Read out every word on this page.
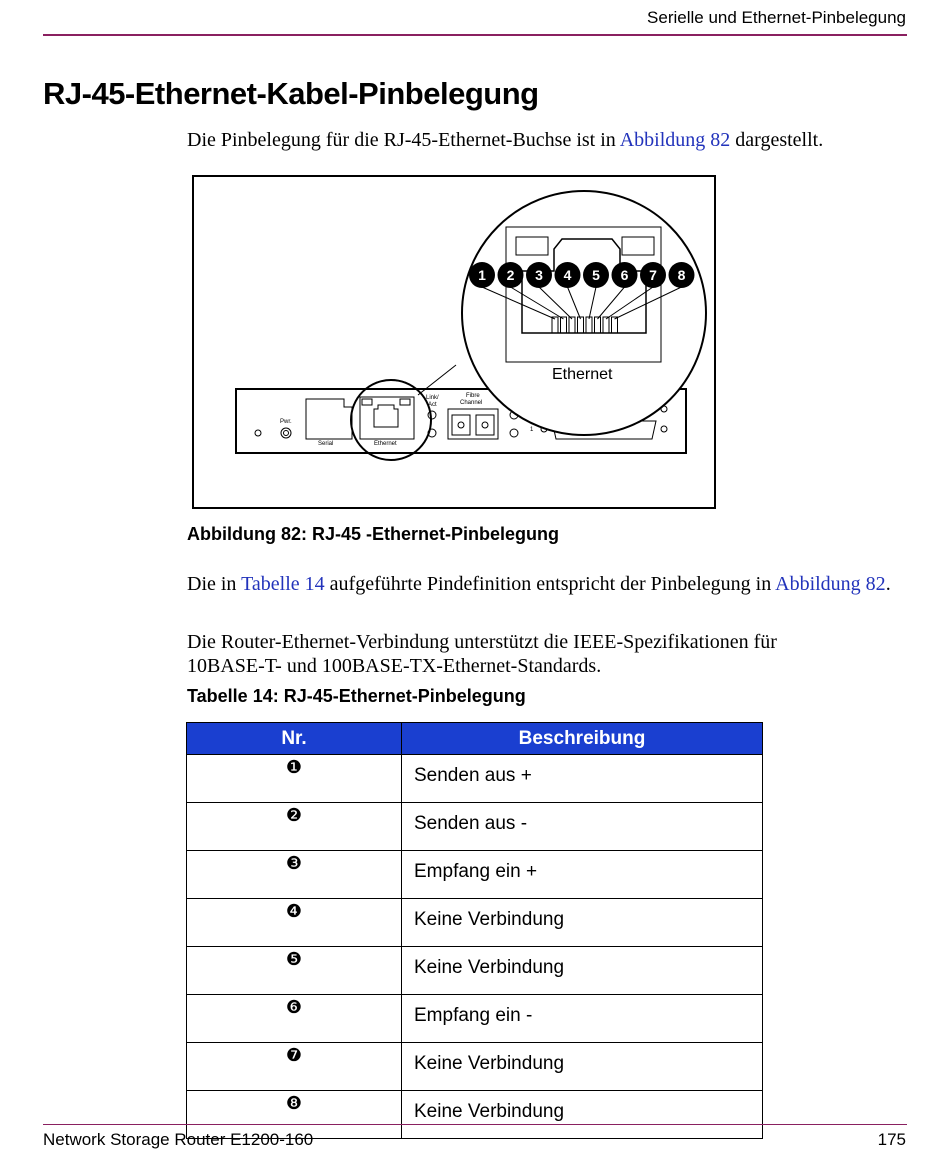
Serielle und Ethernet-Pinbelegung
RJ-45-Ethernet-Kabel-Pinbelegung
Die Pinbelegung für die RJ-45-Ethernet-Buchse ist in Abbildung 82 dargestellt.
Pwr.
Serial	Ethernet
Link/
Act
Fibre
Channel
1
1 2 3 4 5 6 7 8
Ethernet
Abbildung 82: RJ-45 -Ethernet-Pinbelegung
Die in Tabelle 14 aufgeführte Pindefinition entspricht der Pinbelegung in Abbildung 82.
Die Router-Ethernet-Verbindung unterstützt die IEEE-Spezifikationen für 10BASE-T- und 100BASE-TX-Ethernet-Standards.
Tabelle 14: RJ-45-Ethernet-Pinbelegung
Nr.	Beschreibung
❶	Senden aus +
❷	Senden aus -
❸	Empfang ein +
❹	Keine Verbindung
❺	Keine Verbindung
❻	Empfang ein -
❼	Keine Verbindung
❽	Keine Verbindung
Network Storage Router E1200-160	175
